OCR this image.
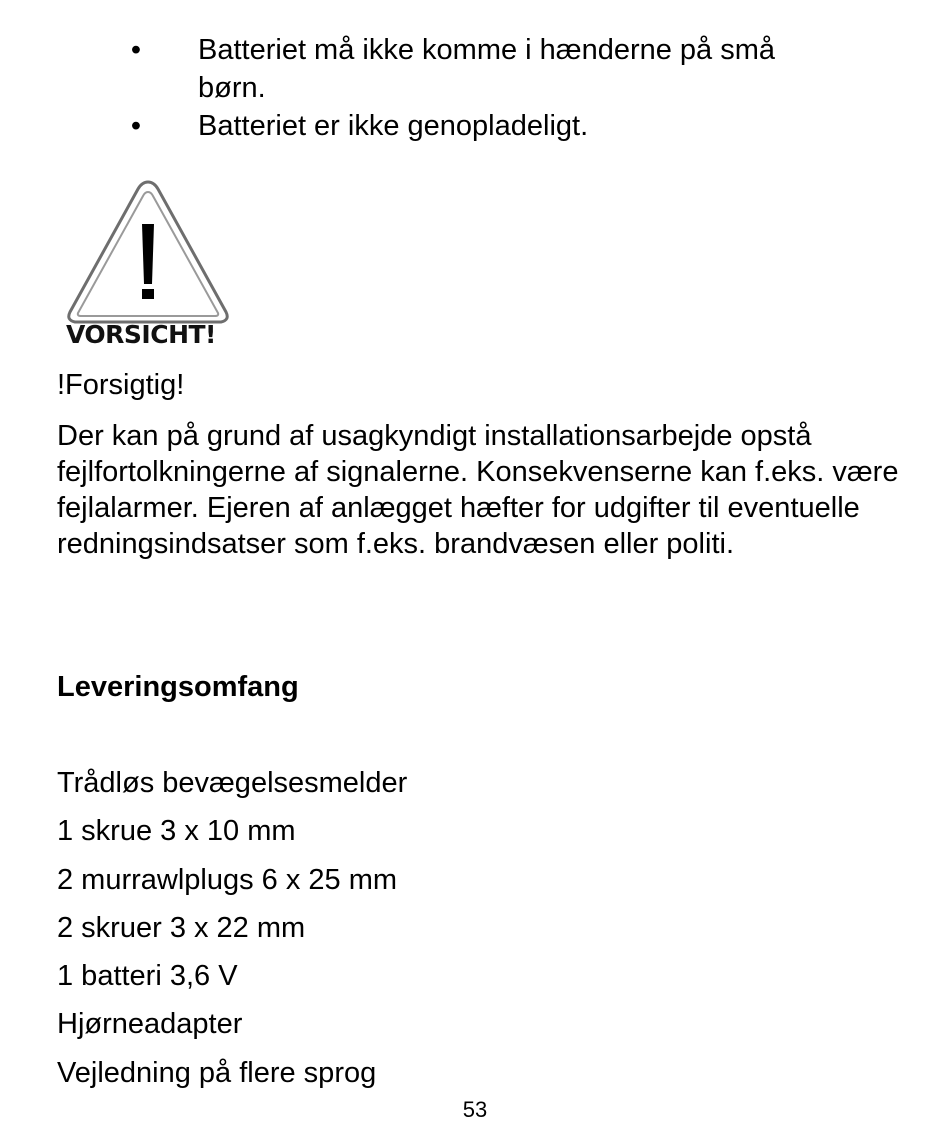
• Batteriet må ikke komme i hænderne på små børn.
• Batteriet er ikke genopladeligt.
VORSICHT!
!Forsigtig!
Der kan på grund af usagkyndigt installationsarbejde opstå fejlfortolkningerne af signalerne. Konsekvenserne kan f.eks. være fejlalarmer. Ejeren af anlægget hæfter for udgifter til eventuelle redningsindsatser som f.eks. brandvæsen eller politi.
Leveringsomfang
Trådløs bevægelsesmelder
1 skrue 3 x 10 mm
2 murrawlplugs 6 x 25 mm
2 skruer 3 x 22 mm
1 batteri 3,6 V
Hjørneadapter
Vejledning på flere sprog
53
